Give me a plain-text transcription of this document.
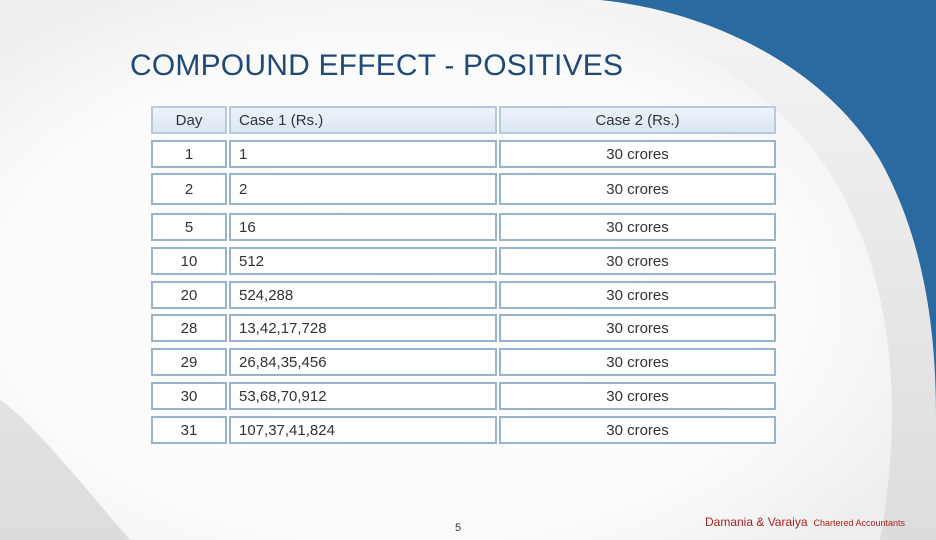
COMPOUND EFFECT - POSITIVES
Day	Case 1 (Rs.)	Case 2 (Rs.)
1	1	30 crores
2	2	30 crores
5	16	30 crores
10	512	30 crores
20	524,288	30 crores
28	13,42,17,728	30 crores
29	26,84,35,456	30 crores
30	53,68,70,912	30 crores
31	107,37,41,824	30 crores
5	Damania & Varaiya Chartered Accountants
